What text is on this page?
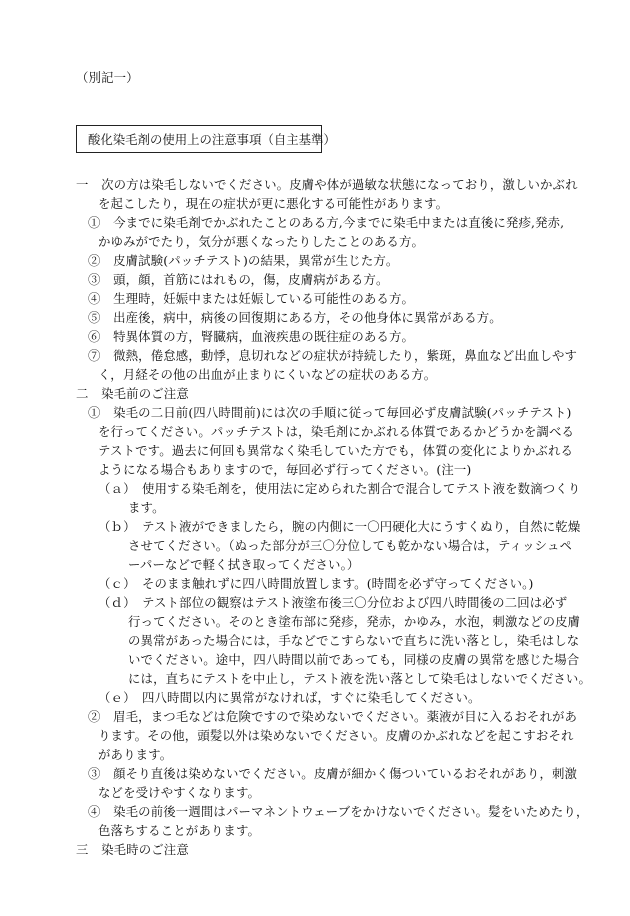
（別記一）
酸化染毛剤の使用上の注意事項（自主基準）
一　次の方は染毛しないでください。皮膚や体が過敏な状態になっており，激しいかぶれ
を起こしたり，現在の症状が更に悪化する可能性があります。
①　今までに染毛剤でかぶれたことのある方,今までに染毛中または直後に発疹,発赤,
かゆみがでたり，気分が悪くなったりしたことのある方。
②　皮膚試験(パッチテスト)の結果，異常が生じた方。
③　頭，顔，首筋にはれもの，傷，皮膚病がある方。
④　生理時，妊娠中または妊娠している可能性のある方。
⑤　出産後，病中，病後の回復期にある方，その他身体に異常がある方。
⑥　特異体質の方，腎臓病，血液疾患の既往症のある方。
⑦　微熱，倦怠感，動悸，息切れなどの症状が持続したり，紫斑，鼻血など出血しやす
く，月経その他の出血が止まりにくいなどの症状のある方。
二　染毛前のご注意
①　染毛の二日前(四八時間前)には次の手順に従って毎回必ず皮膚試験(パッチテスト)
を行ってください。パッチテストは，染毛剤にかぶれる体質であるかどうかを調べる
テストです。過去に何回も異常なく染毛していた方でも，体質の変化によりかぶれる
ようになる場合もありますので，毎回必ず行ってください。(注一)
（ａ）　使用する染毛剤を，使用法に定められた割合で混合してテスト液を数滴つくり
ます。
（ｂ）　テスト液ができましたら，腕の内側に一〇円硬化大にうすくぬり，自然に乾燥
させてください。（ぬった部分が三〇分位しても乾かない場合は，ティッシュペ
ーパーなどで軽く拭き取ってください。）
（ｃ）　そのまま触れずに四八時間放置します。(時間を必ず守ってください。)
（ｄ）　テスト部位の観察はテスト液塗布後三〇分位および四八時間後の二回は必ず
行ってください。そのとき塗布部に発疹，発赤，かゆみ，水泡，刺激などの皮膚
の異常があった場合には，手などでこすらないで直ちに洗い落とし，染毛はしな
いでください。途中，四八時間以前であっても，同様の皮膚の異常を感じた場合
には，直ちにテストを中止し，テスト液を洗い落として染毛はしないでください。
（ｅ）　四八時間以内に異常がなければ，すぐに染毛してください。
②　眉毛，まつ毛などは危険ですので染めないでください。薬液が目に入るおそれがあ
ります。その他，頭髪以外は染めないでください。皮膚のかぶれなどを起こすおそれ
があります。
③　顔そり直後は染めないでください。皮膚が細かく傷ついているおそれがあり，刺激
などを受けやすくなります。
④　染毛の前後一週間はパーマネントウェーブをかけないでください。髪をいためたり，
色落ちすることがあります。
三　染毛時のご注意
